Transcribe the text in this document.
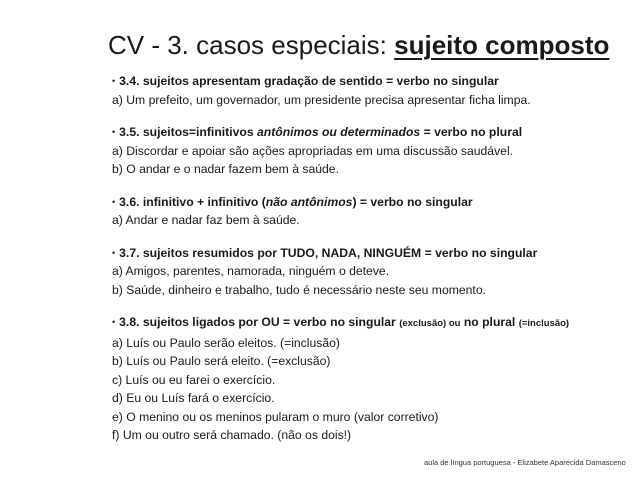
CV - 3. casos especiais: sujeito composto
• 3.4. sujeitos apresentam gradação de sentido = verbo no singular
a) Um prefeito, um governador, um presidente precisa apresentar ficha limpa.
• 3.5. sujeitos=infinitivos antônimos ou determinados = verbo no plural
a) Discordar e apoiar são ações apropriadas em uma discussão saudável.
b) O andar e o nadar fazem bem à saúde.
• 3.6. infinitivo + infinitivo (não antônimos) = verbo no singular
a) Andar e nadar faz bem à saúde.
• 3.7. sujeitos resumidos por TUDO, NADA, NINGUÉM = verbo no singular
a) Amigos, parentes, namorada, ninguém o deteve.
b) Saúde, dinheiro e trabalho, tudo é necessário neste seu momento.
• 3.8. sujeitos ligados por OU = verbo no singular (exclusão) ou no plural (=inclusão)
a) Luís ou Paulo serão eleitos. (=inclusão)
b) Luís ou Paulo será eleito. (=exclusão)
c) Luís ou eu farei o exercício.
d) Eu ou Luís fará o exercício.
e) O menino ou os meninos pularam o muro (valor corretivo)
f) Um ou outro será chamado. (não os dois!)
aula de língua portuguesa - Elizabete Aparecida Damasceno
